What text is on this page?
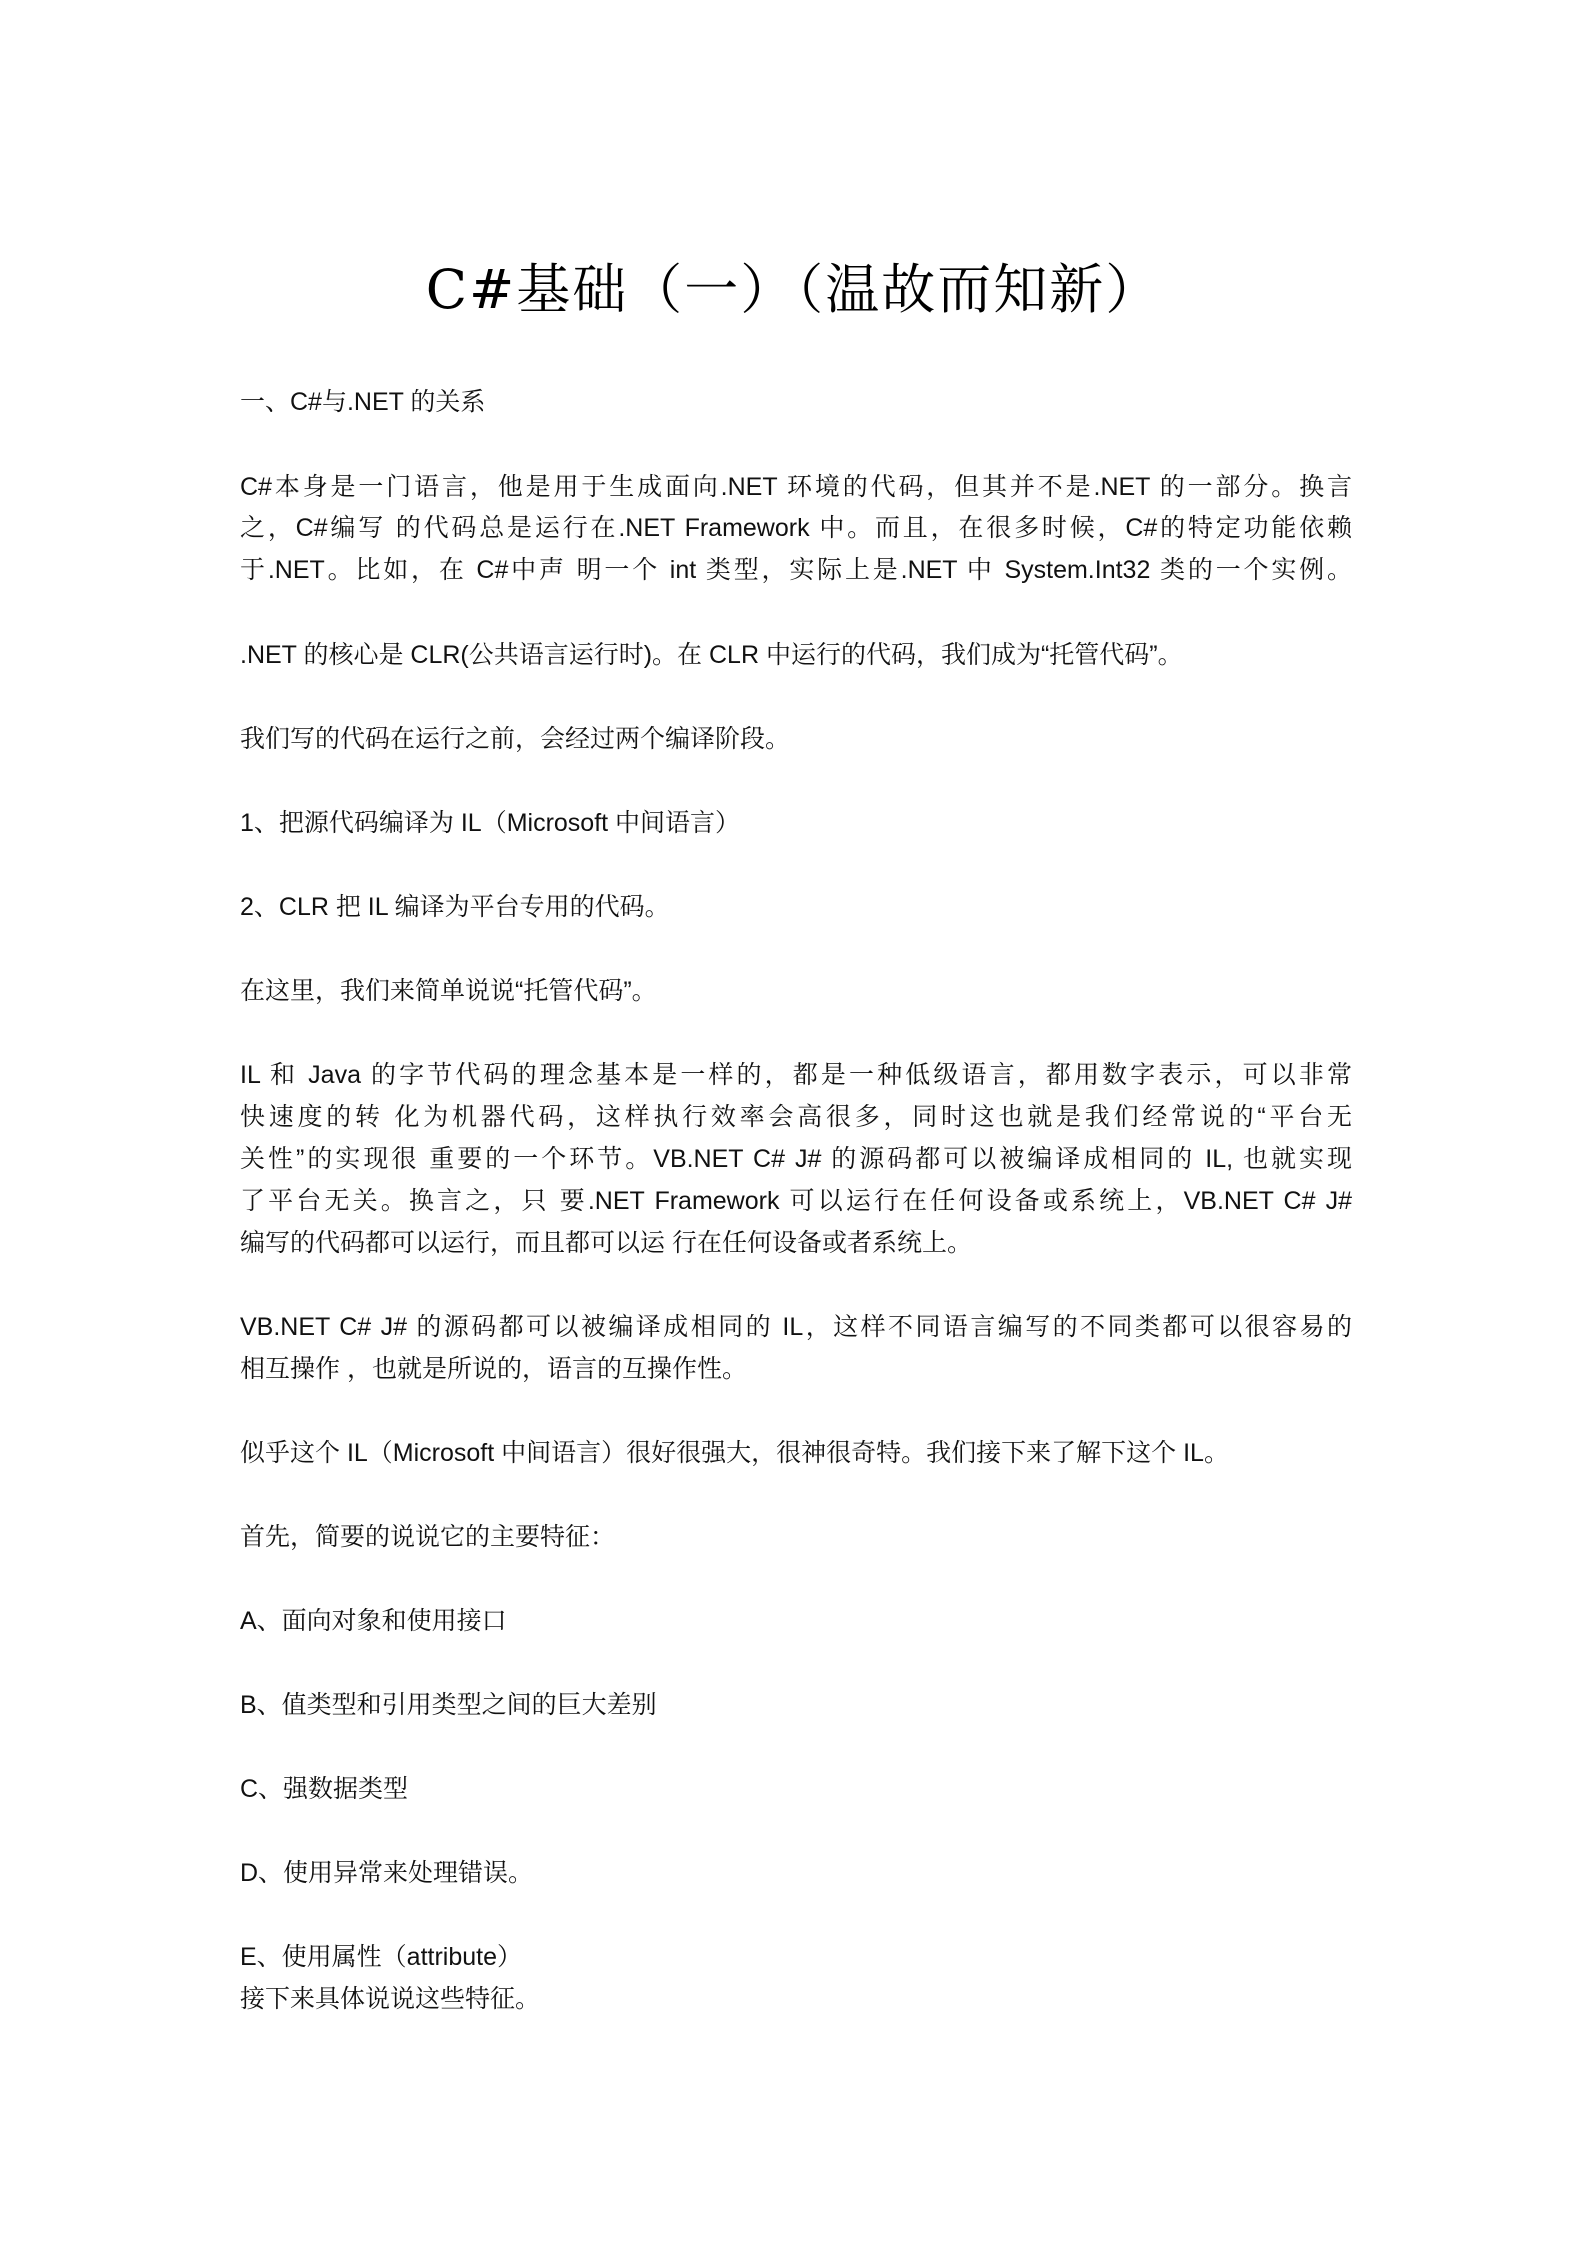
C#基础（一）（温故而知新）
一、C#与.NET 的关系
C#本身是一门语言，他是用于生成面向.NET 环境的代码，但其并不是.NET 的一部分。换言
之，C#编写 的代码总是运行在.NET Framework 中。而且，在很多时候，C#的特定功能依赖
于.NET。比如，在 C#中声 明一个 int 类型，实际上是.NET 中 System.Int32 类的一个实例。
.NET 的核心是 CLR(公共语言运行时)。在 CLR 中运行的代码，我们成为“托管代码”。
我们写的代码在运行之前，会经过两个编译阶段。
1、把源代码编译为 IL（Microsoft 中间语言）
2、CLR 把 IL 编译为平台专用的代码。
在这里，我们来简单说说“托管代码”。
IL 和 Java 的字节代码的理念基本是一样的，都是一种低级语言，都用数字表示，可以非常
快速度的转 化为机器代码，这样执行效率会高很多，同时这也就是我们经常说的“平台无
关性”的实现很 重要的一个环节。VB.NET C# J# 的源码都可以被编译成相同的 IL, 也就实现
了平台无关。换言之，只 要.NET Framework 可以运行在任何设备或系统上，VB.NET C# J#
编写的代码都可以运行，而且都可以运 行在任何设备或者系统上。
VB.NET C# J# 的源码都可以被编译成相同的 IL，这样不同语言编写的不同类都可以很容易的
相互操作 ，也就是所说的，语言的互操作性。
似乎这个 IL（Microsoft 中间语言）很好很强大，很神很奇特。我们接下来了解下这个 IL。
首先，简要的说说它的主要特征：
A、面向对象和使用接口
B、值类型和引用类型之间的巨大差别
C、强数据类型
D、使用异常来处理错误。
E、使用属性（attribute）
接下来具体说说这些特征。
